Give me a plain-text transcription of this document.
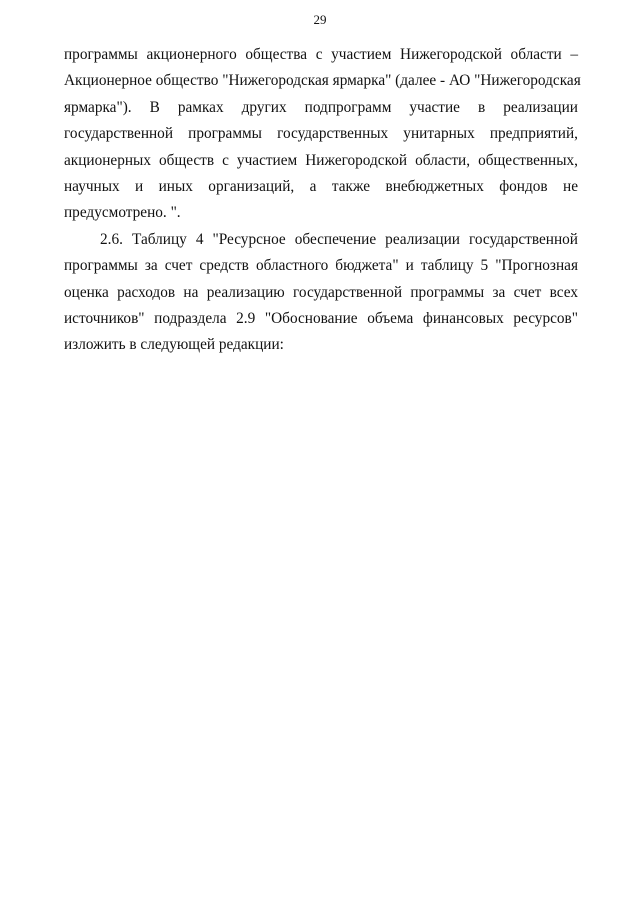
29
программы акционерного общества с участием Нижегородской области –
Акционерное общество "Нижегородская ярмарка" (далее - АО "Нижегородская
ярмарка"). В рамках других подпрограмм участие в реализации
государственной программы государственных унитарных предприятий,
акционерных обществ с участием Нижегородской области, общественных,
научных и иных организаций, а также внебюджетных фондов не
предусмотрено. ".
2.6. Таблицу 4 "Ресурсное обеспечение реализации государственной
программы за счет средств областного бюджета" и таблицу 5 "Прогнозная
оценка расходов на реализацию государственной программы за счет всех
источников" подраздела 2.9 "Обоснование объема финансовых ресурсов"
изложить в следующей редакции:
